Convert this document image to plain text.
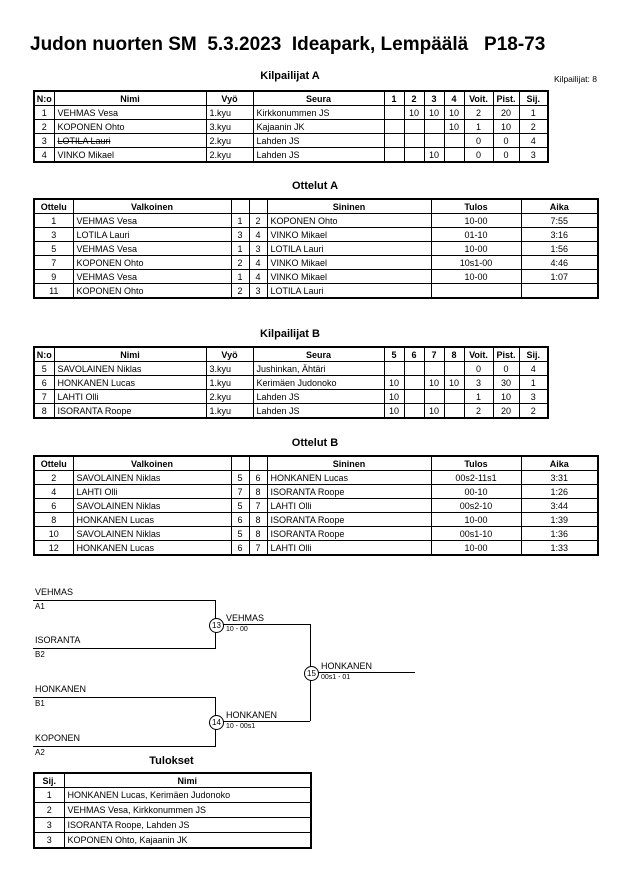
Judon nuorten SM  5.3.2023  Ideapark, Lempäälä   P18-73
Kilpailijat: 8
Kilpailijat A
N:o	Nimi	Vyö	Seura	1	2	3	4	Voit.	Pist.	Sij.
1	VEHMAS Vesa	1.kyu	Kirkkonummen JS		10	10	10	2	20	1
2	KOPONEN Ohto	3.kyu	Kajaanin JK				10	1	10	2
3	LOTILA Lauri	2.kyu	Lahden JS					0	0	4
4	VINKO Mikael	2.kyu	Lahden JS			10		0	0	3
Ottelut A
Ottelu	Valkoinen			Sininen	Tulos	Aika
1	VEHMAS Vesa	1	2	KOPONEN Ohto	10-00	7:55
3	LOTILA Lauri	3	4	VINKO Mikael	01-10	3:16
5	VEHMAS Vesa	1	3	LOTILA Lauri	10-00	1:56
7	KOPONEN Ohto	2	4	VINKO Mikael	10s1-00	4:46
9	VEHMAS Vesa	1	4	VINKO Mikael	10-00	1:07
11	KOPONEN Ohto	2	3	LOTILA Lauri		
Kilpailijat B
N:o	Nimi	Vyö	Seura	5	6	7	8	Voit.	Pist.	Sij.
5	SAVOLAINEN Niklas	3.kyu	Jushinkan, Ähtäri					0	0	4
6	HONKANEN Lucas	1.kyu	Kerimäen Judonoko	10		10	10	3	30	1
7	LAHTI Olli	2.kyu	Lahden JS	10				1	10	3
8	ISORANTA Roope	1.kyu	Lahden JS	10		10		2	20	2
Ottelut B
Ottelu	Valkoinen			Sininen	Tulos	Aika
2	SAVOLAINEN Niklas	5	6	HONKANEN Lucas	00s2-11s1	3:31
4	LAHTI Olli	7	8	ISORANTA Roope	00-10	1:26
6	SAVOLAINEN Niklas	5	7	LAHTI Olli	00s2-10	3:44
8	HONKANEN Lucas	6	8	ISORANTA Roope	10-00	1:39
10	SAVOLAINEN Niklas	5	8	ISORANTA Roope	00s1-10	1:36
12	HONKANEN Lucas	6	7	LAHTI Olli	10-00	1:33
VEHMAS
A1
ISORANTA
B2
13
VEHMAS
10 - 00
HONKANEN
B1
KOPONEN
A2
14
HONKANEN
10 - 00s1
15
HONKANEN
00s1 - 01
Tulokset
Sij.	Nimi
1	HONKANEN Lucas, Kerimäen Judonoko
2	VEHMAS Vesa, Kirkkonummen JS
3	ISORANTA Roope, Lahden JS
3	KOPONEN Ohto, Kajaanin JK
